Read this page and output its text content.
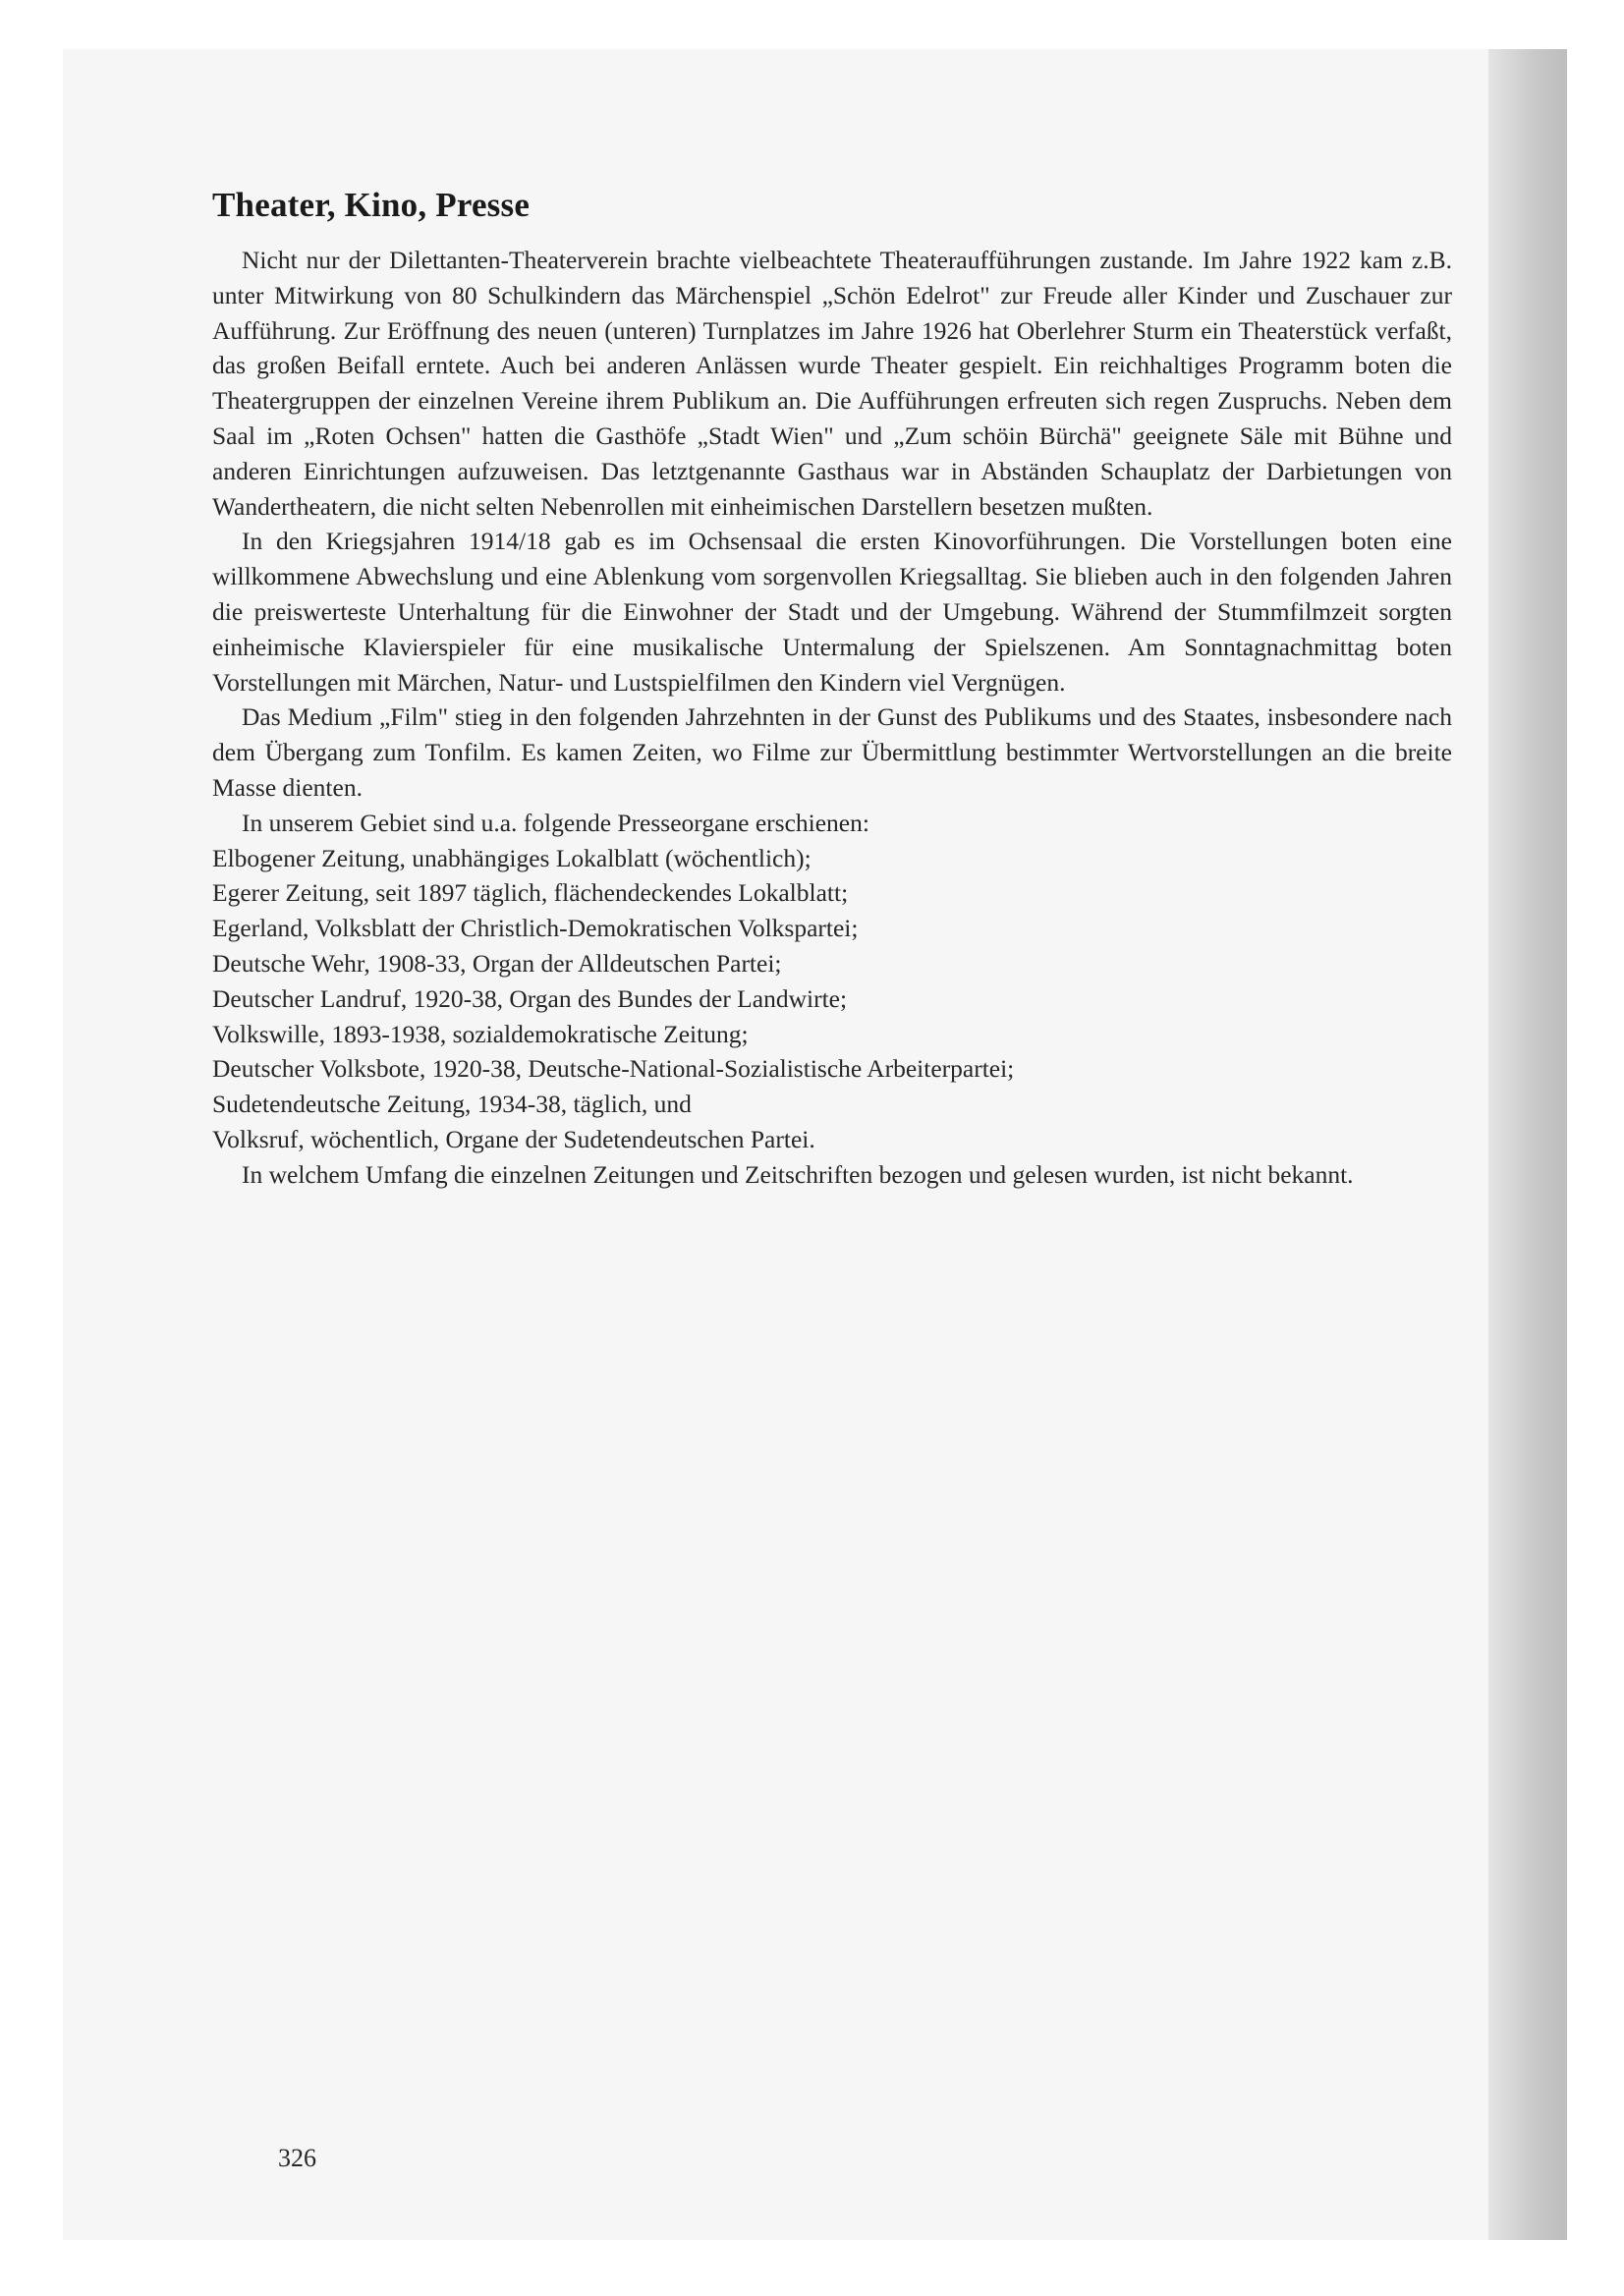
Theater, Kino, Presse

Nicht nur der Dilettanten-Theaterverein brachte vielbeachtete Theateraufführungen zustande. Im Jahre 1922 kam z.B. unter Mitwirkung von 80 Schulkindern das Märchenspiel „Schön Edelrot" zur Freude aller Kinder und Zuschauer zur Aufführung. Zur Eröffnung des neuen (unteren) Turnplatzes im Jahre 1926 hat Oberlehrer Sturm ein Theaterstück verfaßt, das großen Beifall erntete. Auch bei anderen Anlässen wurde Theater gespielt. Ein reichhaltiges Programm boten die Theatergruppen der einzelnen Vereine ihrem Publikum an. Die Aufführungen erfreuten sich regen Zuspruchs. Neben dem Saal im „Roten Ochsen" hatten die Gasthöfe „Stadt Wien" und „Zum schöin Bürchä" geeignete Säle mit Bühne und anderen Einrichtungen aufzuweisen. Das letztgenannte Gasthaus war in Abständen Schauplatz der Darbietungen von Wandertheatern, die nicht selten Nebenrollen mit einheimischen Darstellern besetzen mußten.

In den Kriegsjahren 1914/18 gab es im Ochsensaal die ersten Kinovorführungen. Die Vorstellungen boten eine willkommene Abwechslung und eine Ablenkung vom sorgenvollen Kriegsalltag. Sie blieben auch in den folgenden Jahren die preiswerteste Unterhaltung für die Einwohner der Stadt und der Umgebung. Während der Stummfilmzeit sorgten einheimische Klavierspieler für eine musikalische Untermalung der Spielszenen. Am Sonntagnachmittag boten Vorstellungen mit Märchen, Natur- und Lustspielfilmen den Kindern viel Vergnügen.

Das Medium „Film" stieg in den folgenden Jahrzehnten in der Gunst des Publikums und des Staates, insbesondere nach dem Übergang zum Tonfilm. Es kamen Zeiten, wo Filme zur Übermittlung bestimmter Wertvorstellungen an die breite Masse dienten.

In unserem Gebiet sind u.a. folgende Presseorgane erschienen:

Elbogener Zeitung, unabhängiges Lokalblatt (wöchentlich);
Egerer Zeitung, seit 1897 täglich, flächendeckendes Lokalblatt;
Egerland, Volksblatt der Christlich-Demokratischen Volkspartei;
Deutsche Wehr, 1908-33, Organ der Alldeutschen Partei;
Deutscher Landruf, 1920-38, Organ des Bundes der Landwirte;
Volkswille, 1893-1938, sozialdemokratische Zeitung;
Deutscher Volksbote, 1920-38, Deutsche-National-Sozialistische Arbeiterpartei;
Sudetendeutsche Zeitung, 1934-38, täglich, und
Volksruf, wöchentlich, Organe der Sudetendeutschen Partei.

In welchem Umfang die einzelnen Zeitungen und Zeitschriften bezogen und gelesen wurden, ist nicht bekannt.

326
